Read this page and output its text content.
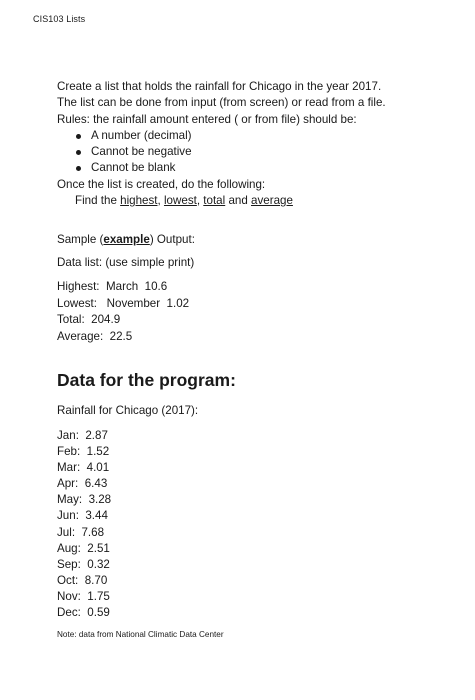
CIS103 Lists

Create a list that holds the rainfall for Chicago in the year 2017.

The list can be done from input (from screen) or read from a file.

Rules: the rainfall amount entered ( or from file) should be:

A number (decimal)
Cannot be negative
Cannot be blank

Once the list is created, do the following:

Find the highest, lowest, total and average

Sample (example) Output:
Data list: (use simple print)
Highest:  March  10.6
Lowest:   November  1.02
Total:  204.9
Average:  22.5
Data for the program:
Rainfall for Chicago (2017):
Jan:  2.87
Feb:  1.52
Mar:  4.01
Apr:  6.43
May:  3.28
Jun:  3.44
Jul:  7.68
Aug:  2.51
Sep:  0.32
Oct:  8.70
Nov:  1.75
Dec:  0.59
Note: data from National Climatic Data Center
